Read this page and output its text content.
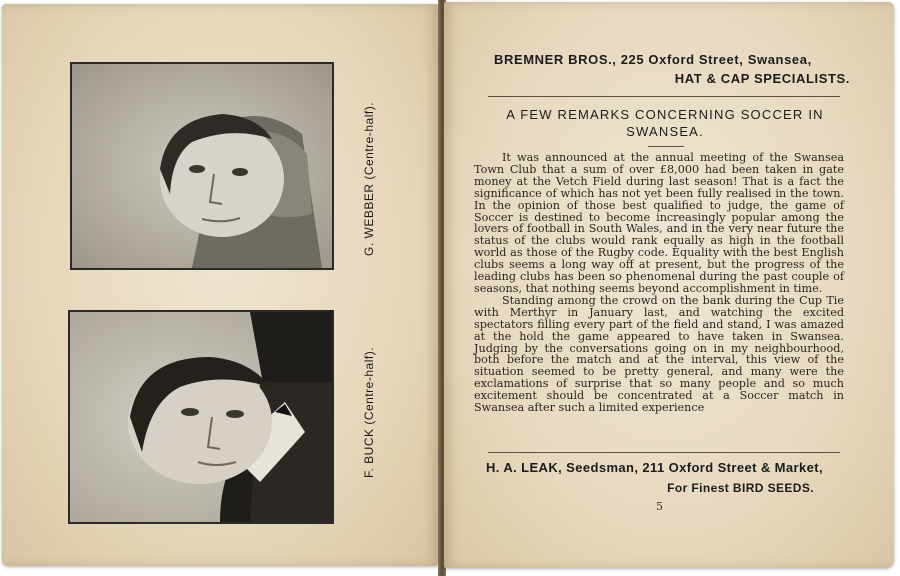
G. WEBBER (Centre-half).
F. BUCK (Centre-half).
BREMNER BROS., 225 Oxford Street, Swansea,
HAT & CAP SPECIALISTS.
A FEW REMARKS CONCERNING SOCCER IN SWANSEA.

It was announced at the annual meeting of the Swansea Town Club that a sum of over £8,000 had been taken in gate money at the Vetch Field during last season! That is a fact the significance of which has not yet been fully realised in the town. In the opinion of those best qualified to judge, the game of Soccer is destined to become increasingly popular among the lovers of football in South Wales, and in the very near future the status of the clubs would rank equally as high in the football world as those of the Rugby code. Equality with the best English clubs seems a long way off at present, but the progress of the leading clubs has been so phenomenal during the past couple of seasons, that nothing seems beyond accomplishment in time.

Standing among the crowd on the bank during the Cup Tie with Merthyr in January last, and watching the excited spectators filling every part of the field and stand, I was amazed at the hold the game appeared to have taken in Swansea. Judging by the conversations going on in my neighbourhood, both before the match and at the interval, this view of the situation seemed to be pretty general, and many were the exclamations of surprise that so many people and so much excitement should be concentrated at a Soccer match in Swansea after such a limited experience

H. A. LEAK, Seedsman, 211 Oxford Street & Market,
For Finest BIRD SEEDS.
5
